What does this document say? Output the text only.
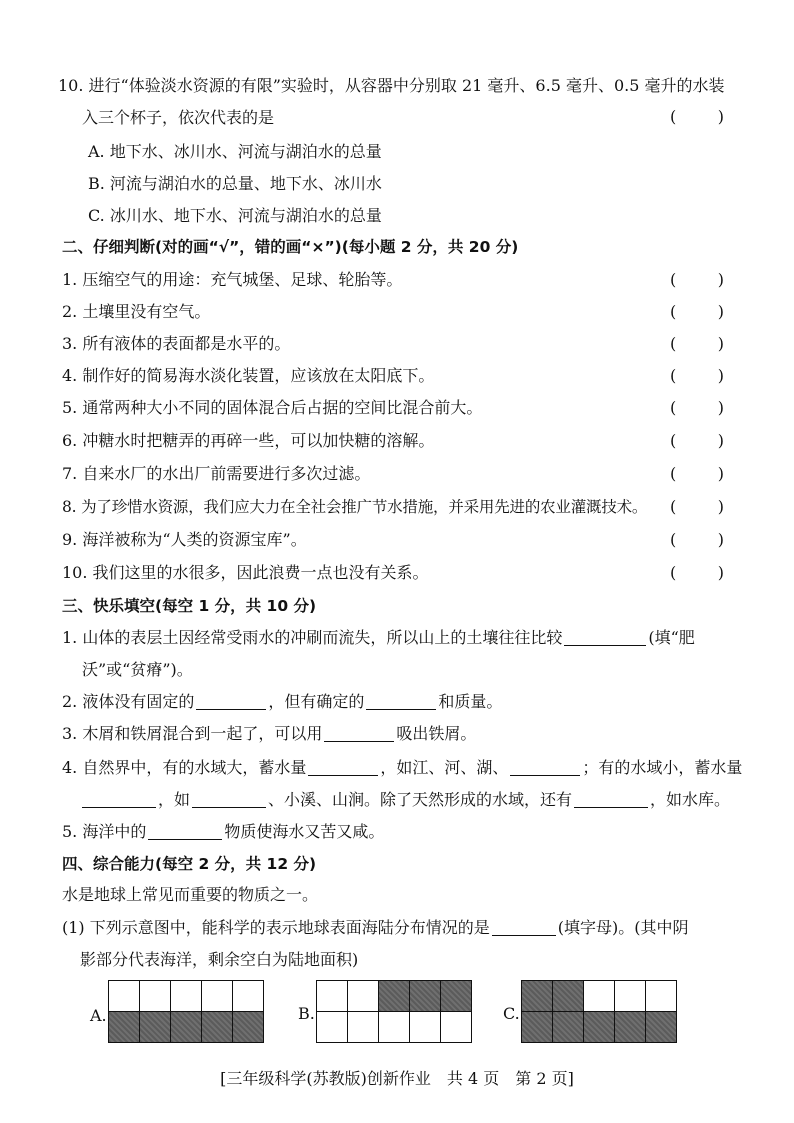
10. 进行“体验淡水资源的有限”实验时，从容器中分别取 21 毫升、6.5 毫升、0.5 毫升的水装
入三个杯子，依次代表的是	(	)
A. 地下水、冰川水、河流与湖泊水的总量
B. 河流与湖泊水的总量、地下水、冰川水
C. 冰川水、地下水、河流与湖泊水的总量
二、仔细判断(对的画“√”，错的画“×”)(每小题 2 分，共 20 分)
1. 压缩空气的用途：充气城堡、足球、轮胎等。	(	)
2. 土壤里没有空气。	(	)
3. 所有液体的表面都是水平的。	(	)
4. 制作好的简易海水淡化装置，应该放在太阳底下。	(	)
5. 通常两种大小不同的固体混合后占据的空间比混合前大。	(	)
6. 冲糖水时把糖弄的再碎一些，可以加快糖的溶解。	(	)
7. 自来水厂的水出厂前需要进行多次过滤。	(	)
8. 为了珍惜水资源，我们应大力在全社会推广节水措施，并采用先进的农业灌溉技术。 (	)
9. 海洋被称为“人类的资源宝库”。	(	)
10. 我们这里的水很多，因此浪费一点也没有关系。	(	)
三、快乐填空(每空 1 分，共 10 分)
1. 山体的表层土因经常受雨水的冲刷而流失，所以山上的土壤往往比较	(填“肥
沃”或“贫瘠”)。
2. 液体没有固定的	，但有确定的	和质量。
3. 木屑和铁屑混合到一起了，可以用	吸出铁屑。
4. 自然界中，有的水域大，蓄水量	，如江、河、湖、	；有的水域小，蓄水量
，如	、小溪、山涧。除了天然形成的水域，还有	，如水库。
5. 海洋中的	物质使海水又苦又咸。
四、综合能力(每空 2 分，共 12 分)
水是地球上常见而重要的物质之一。
(1) 下列示意图中，能科学的表示地球表面海陆分布情况的是	(填字母)。(其中阴
影部分代表海洋，剩余空白为陆地面积)
A.	B.	C.
[三年级科学(苏教版)创新作业　共 4 页　第 2 页]
